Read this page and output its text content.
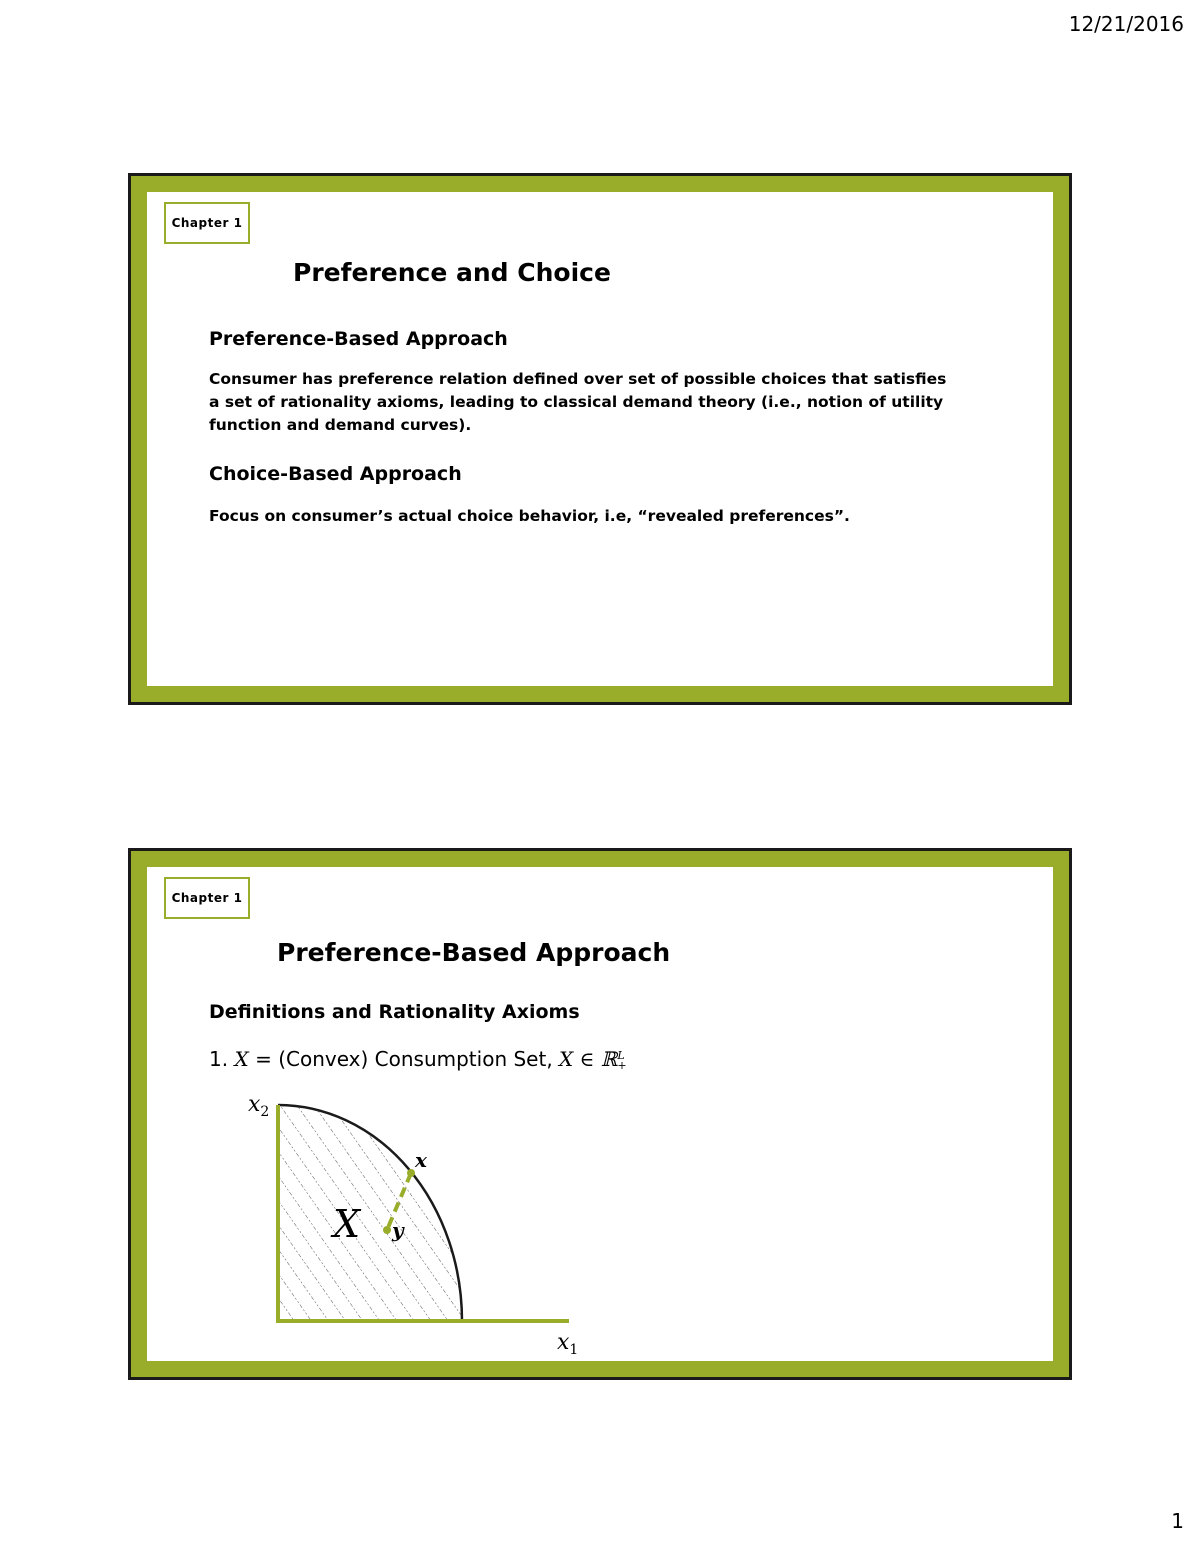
12/21/2016
Chapter 1
Preference and Choice
Preference-Based Approach
Consumer has preference relation defined over set of possible choices that satisfies a set of rationality axioms, leading to classical demand theory (i.e., notion of utility function and demand curves).
Choice-Based Approach
Focus on consumer’s actual choice behavior, i.e, “revealed preferences”.
Chapter 1
Preference-Based Approach
Definitions and Rationality Axioms
1. X = (Convex) Consumption Set, X ∈ ℝ L
+
$x_2$
$x_1$
X
x
y
1
